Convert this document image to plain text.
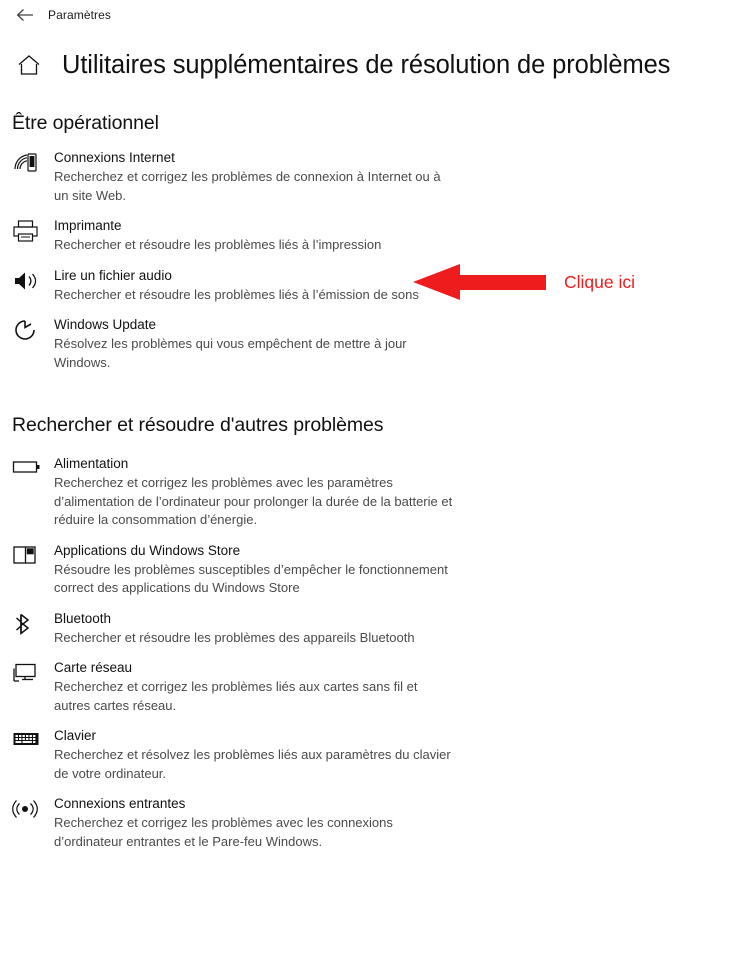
Paramètres
Utilitaires supplémentaires de résolution de problèmes
Être opérationnel
Connexions Internet
Recherchez et corrigez les problèmes de connexion à Internet ou à un site Web.
Imprimante
Rechercher et résoudre les problèmes liés à l’impression
Lire un fichier audio
Rechercher et résoudre les problèmes liés à l’émission de sons
Windows Update
Résolvez les problèmes qui vous empêchent de mettre à jour Windows.
Rechercher et résoudre d'autres problèmes
Alimentation
Recherchez et corrigez les problèmes avec les paramètres d’alimentation de l’ordinateur pour prolonger la durée de la batterie et réduire la consommation d’énergie.
Applications du Windows Store
Résoudre les problèmes susceptibles d’empêcher le fonctionnement correct des applications du Windows Store
Bluetooth
Rechercher et résoudre les problèmes des appareils Bluetooth
Carte réseau
Recherchez et corrigez les problèmes liés aux cartes sans fil et autres cartes réseau.
Clavier
Recherchez et résolvez les problèmes liés aux paramètres du clavier de votre ordinateur.
Connexions entrantes
Recherchez et corrigez les problèmes avec les connexions d’ordinateur entrantes et le Pare-feu Windows.
Clique ici
